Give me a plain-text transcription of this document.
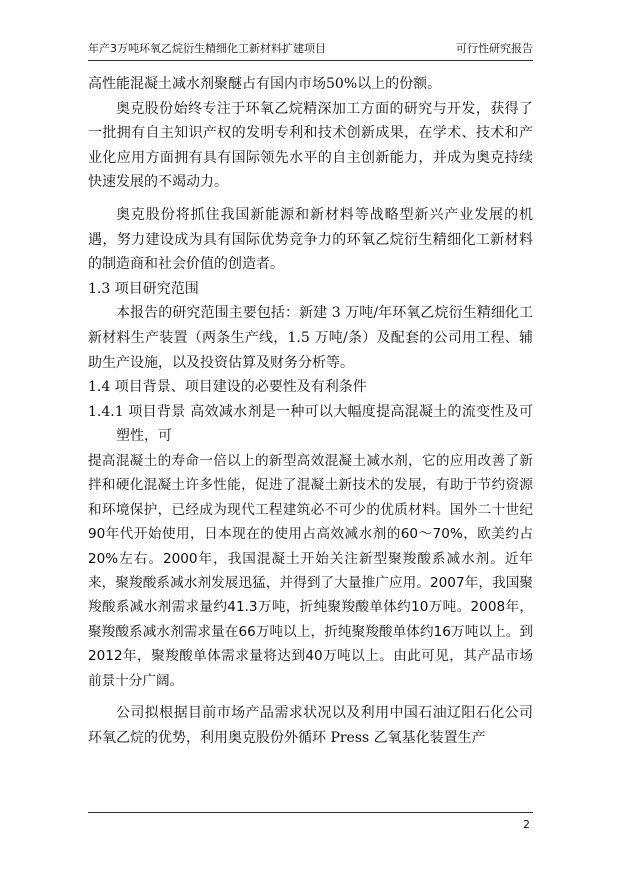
年产3万吨环氧乙烷衍生精细化工新材料扩建项目	可行性研究报告

高性能混凝土减水剂聚醚占有国内市场50%以上的份额。

奥克股份始终专注于环氧乙烷精深加工方面的研究与开发，获得了一批拥有自主知识产权的发明专利和技术创新成果，在学术、技术和产业化应用方面拥有具有国际领先水平的自主创新能力，并成为奥克持续快速发展的不竭动力。

奥克股份将抓住我国新能源和新材料等战略型新兴产业发展的机遇，努力建设成为具有国际优势竞争力的环氧乙烷衍生精细化工新材料的制造商和社会价值的创造者。

1.3 项目研究范围

本报告的研究范围主要包括：新建 3 万吨/年环氧乙烷衍生精细化工新材料生产装置（两条生产线，1.5 万吨/条）及配套的公司用工程、辅助生产设施，以及投资估算及财务分析等。

1.4 项目背景、项目建设的必要性及有利条件

1.4.1 项目背景 高效减水剂是一种可以大幅度提高混凝土的流变性及可塑性，可

提高混凝土的寿命一倍以上的新型高效混凝土减水剂，它的应用改善了新拌和硬化混凝土许多性能，促进了混凝土新技术的发展，有助于节约资源和环境保护，已经成为现代工程建筑必不可少的优质材料。国外二十世纪90年代开始使用，日本现在的使用占高效减水剂的60～70%，欧美约占20%左右。2000年，我国混凝土开始关注新型聚羧酸系减水剂。近年来，聚羧酸系减水剂发展迅猛，并得到了大量推广应用。2007年，我国聚羧酸系减水剂需求量约41.3万吨，折纯聚羧酸单体约10万吨。2008年，聚羧酸系减水剂需求量在66万吨以上，折纯聚羧酸单体约16万吨以上。到2012年，聚羧酸单体需求量将达到40万吨以上。由此可见，其产品市场前景十分广阔。

公司拟根据目前市场产品需求状况以及利用中国石油辽阳石化公司环氧乙烷的优势，利用奥克股份外循环 Press 乙氧基化装置生产

2
